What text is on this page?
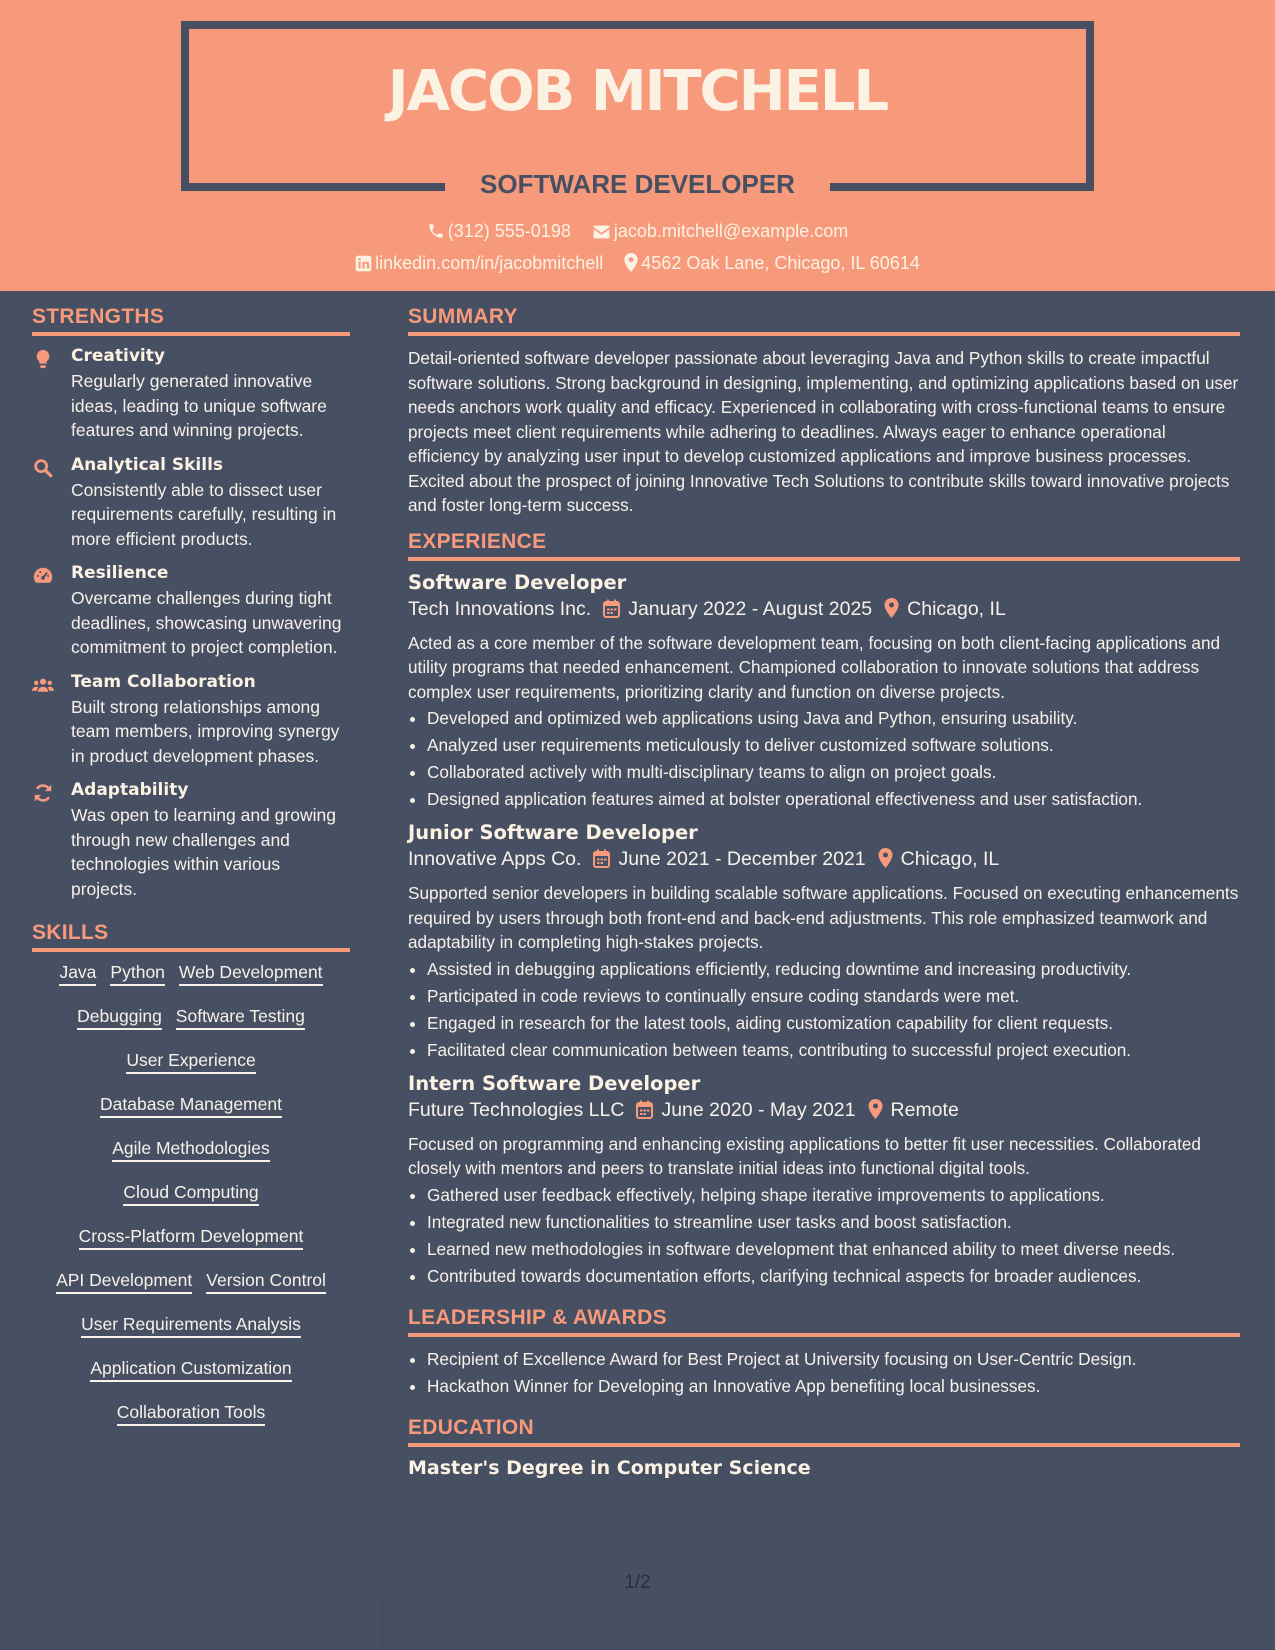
JACOB MITCHELL
SOFTWARE DEVELOPER
(312) 555-0198 jacob.mitchell@example.com
linkedin.com/in/jacobmitchell 4562 Oak Lane, Chicago, IL 60614
STRENGTHS
Creativity
Regularly generated innovative ideas, leading to unique software features and winning projects.
Analytical Skills
Consistently able to dissect user requirements carefully, resulting in more efficient products.
Resilience
Overcame challenges during tight deadlines, showcasing unwavering commitment to project completion.
Team Collaboration
Built strong relationships among team members, improving synergy in product development phases.
Adaptability
Was open to learning and growing through new challenges and technologies within various projects.
SKILLS
Java Python Web Development
Debugging Software Testing
User Experience
Database Management
Agile Methodologies
Cloud Computing
Cross-Platform Development
API Development Version Control
User Requirements Analysis
Application Customization
Collaboration Tools
SUMMARY
Detail-oriented software developer passionate about leveraging Java and Python skills to create impactful software solutions. Strong background in designing, implementing, and optimizing applications based on user needs anchors work quality and efficacy. Experienced in collaborating with cross-functional teams to ensure projects meet client requirements while adhering to deadlines. Always eager to enhance operational efficiency by analyzing user input to develop customized applications and improve business processes. Excited about the prospect of joining Innovative Tech Solutions to contribute skills toward innovative projects and foster long-term success.
EXPERIENCE
Software Developer
Tech Innovations Inc. January 2022 - August 2025 Chicago, IL
Acted as a core member of the software development team, focusing on both client-facing applications and utility programs that needed enhancement. Championed collaboration to innovate solutions that address complex user requirements, prioritizing clarity and function on diverse projects.
• Developed and optimized web applications using Java and Python, ensuring usability.
• Analyzed user requirements meticulously to deliver customized software solutions.
• Collaborated actively with multi-disciplinary teams to align on project goals.
• Designed application features aimed at bolster operational effectiveness and user satisfaction.
Junior Software Developer
Innovative Apps Co. June 2021 - December 2021 Chicago, IL
Supported senior developers in building scalable software applications. Focused on executing enhancements required by users through both front-end and back-end adjustments. This role emphasized teamwork and adaptability in completing high-stakes projects.
• Assisted in debugging applications efficiently, reducing downtime and increasing productivity.
• Participated in code reviews to continually ensure coding standards were met.
• Engaged in research for the latest tools, aiding customization capability for client requests.
• Facilitated clear communication between teams, contributing to successful project execution.
Intern Software Developer
Future Technologies LLC June 2020 - May 2021 Remote
Focused on programming and enhancing existing applications to better fit user necessities. Collaborated closely with mentors and peers to translate initial ideas into functional digital tools.
• Gathered user feedback effectively, helping shape iterative improvements to applications.
• Integrated new functionalities to streamline user tasks and boost satisfaction.
• Learned new methodologies in software development that enhanced ability to meet diverse needs.
• Contributed towards documentation efforts, clarifying technical aspects for broader audiences.
LEADERSHIP & AWARDS
• Recipient of Excellence Award for Best Project at University focusing on User-Centric Design.
• Hackathon Winner for Developing an Innovative App benefiting local businesses.
EDUCATION
Master's Degree in Computer Science
1/2
